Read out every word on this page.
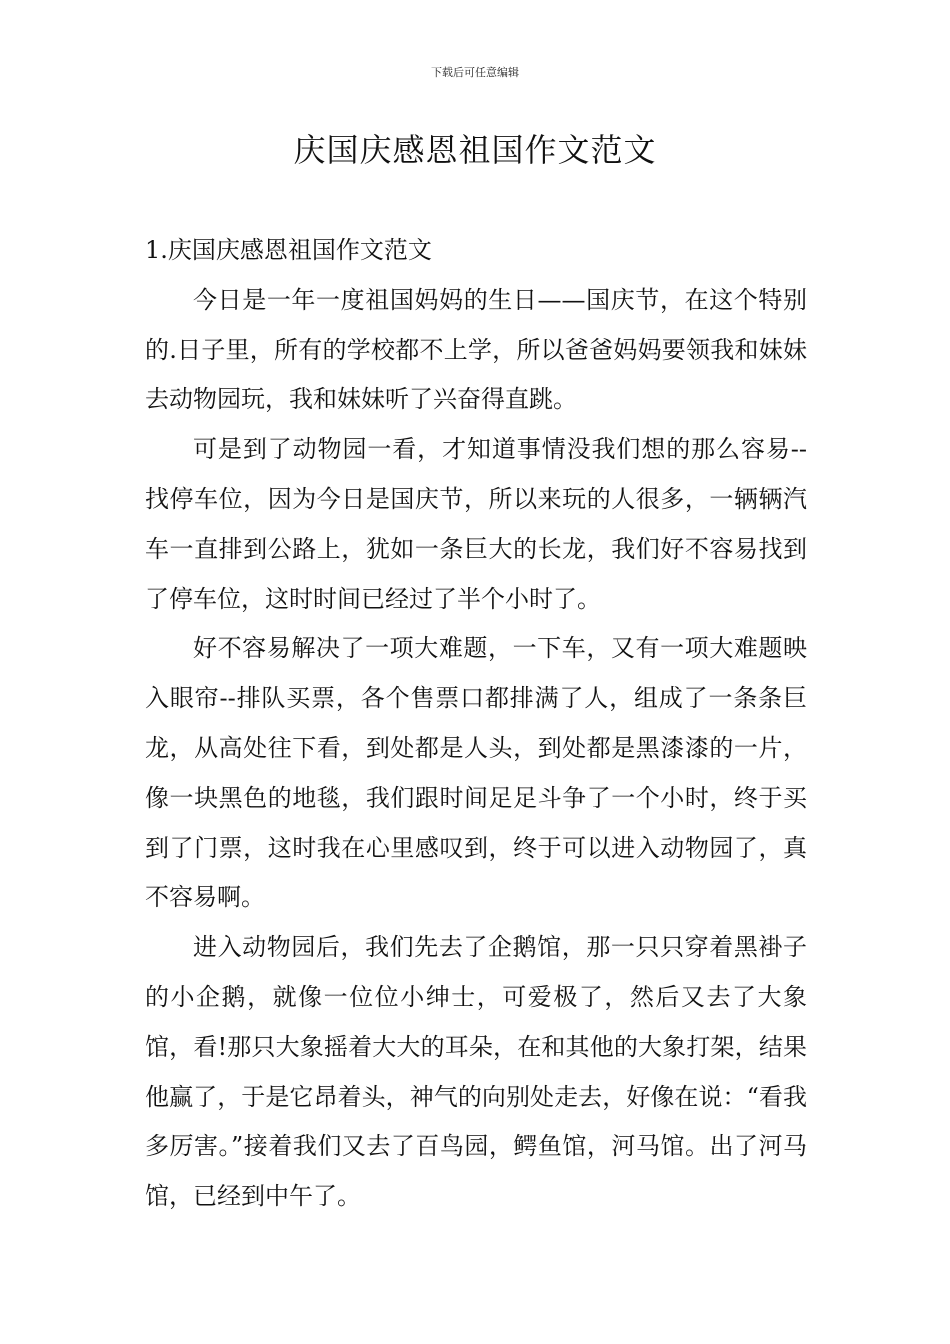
下载后可任意编辑
庆国庆感恩祖国作文范文
1.庆国庆感恩祖国作文范文

今日是一年一度祖国妈妈的生日——国庆节，在这个特别的.日子里，所有的学校都不上学，所以爸爸妈妈要领我和妹妹去动物园玩，我和妹妹听了兴奋得直跳。

可是到了动物园一看，才知道事情没我们想的那么容易--找停车位，因为今日是国庆节，所以来玩的人很多，一辆辆汽车一直排到公路上，犹如一条巨大的长龙，我们好不容易找到了停车位，这时时间已经过了半个小时了。

好不容易解决了一项大难题，一下车，又有一项大难题映入眼帘--排队买票，各个售票口都排满了人，组成了一条条巨龙，从高处往下看，到处都是人头，到处都是黑漆漆的一片，像一块黑色的地毯，我们跟时间足足斗争了一个小时，终于买到了门票，这时我在心里感叹到，终于可以进入动物园了，真不容易啊。

进入动物园后，我们先去了企鹅馆，那一只只穿着黑褂子的小企鹅，就像一位位小绅士，可爱极了，然后又去了大象馆，看!那只大象摇着大大的耳朵，在和其他的大象打架，结果他赢了，于是它昂着头，神气的向别处走去，好像在说：“看我多厉害。”接着我们又去了百鸟园，鳄鱼馆，河马馆。出了河马馆，已经到中午了。
